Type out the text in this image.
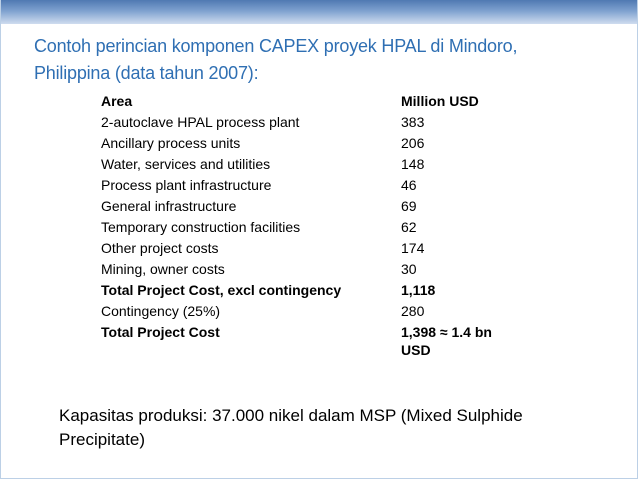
Contoh perincian komponen CAPEX proyek HPAL di Mindoro,
Philippina (data tahun 2007):
Area	Million USD
2-autoclave HPAL process plant	383
Ancillary process units	206
Water, services and utilities	148
Process plant infrastructure	46
General infrastructure	69
Temporary construction facilities	62
Other project costs	174
Mining, owner costs	30
Total Project Cost, excl contingency	1,118
Contingency (25%)	280
Total Project Cost	1,398 ≈ 1.4 bn USD
Kapasitas produksi: 37.000 nikel dalam MSP (Mixed Sulphide Precipitate)
